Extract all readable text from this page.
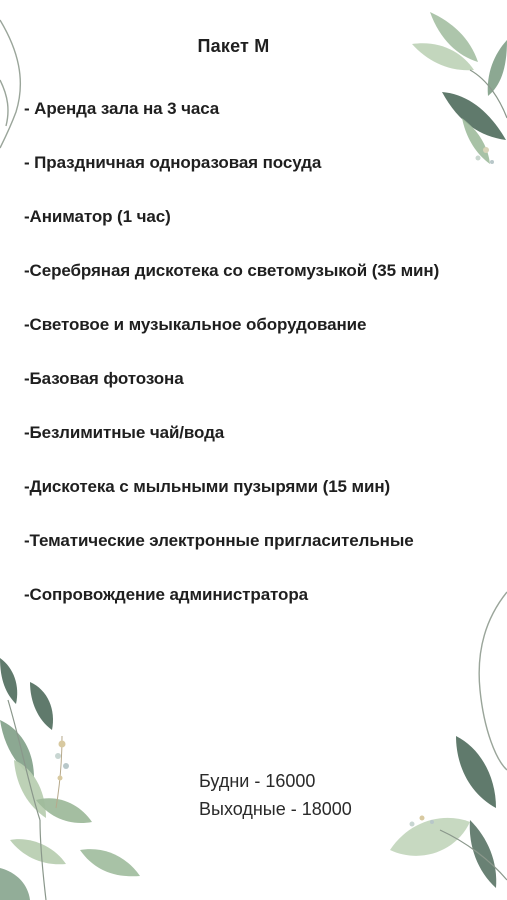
Пакет М
- Аренда зала на 3 часа
- Праздничная одноразовая посуда
-Аниматор (1 час)
-Серебряная дискотека со светомузыкой (35 мин)
-Световое и музыкальное оборудование
-Базовая фотозона
-Безлимитные чай/вода
-Дискотека с мыльными пузырями (15 мин)
-Тематические электронные пригласительные
-Сопровождение администратора
Будни - 16000
Выходные - 18000
